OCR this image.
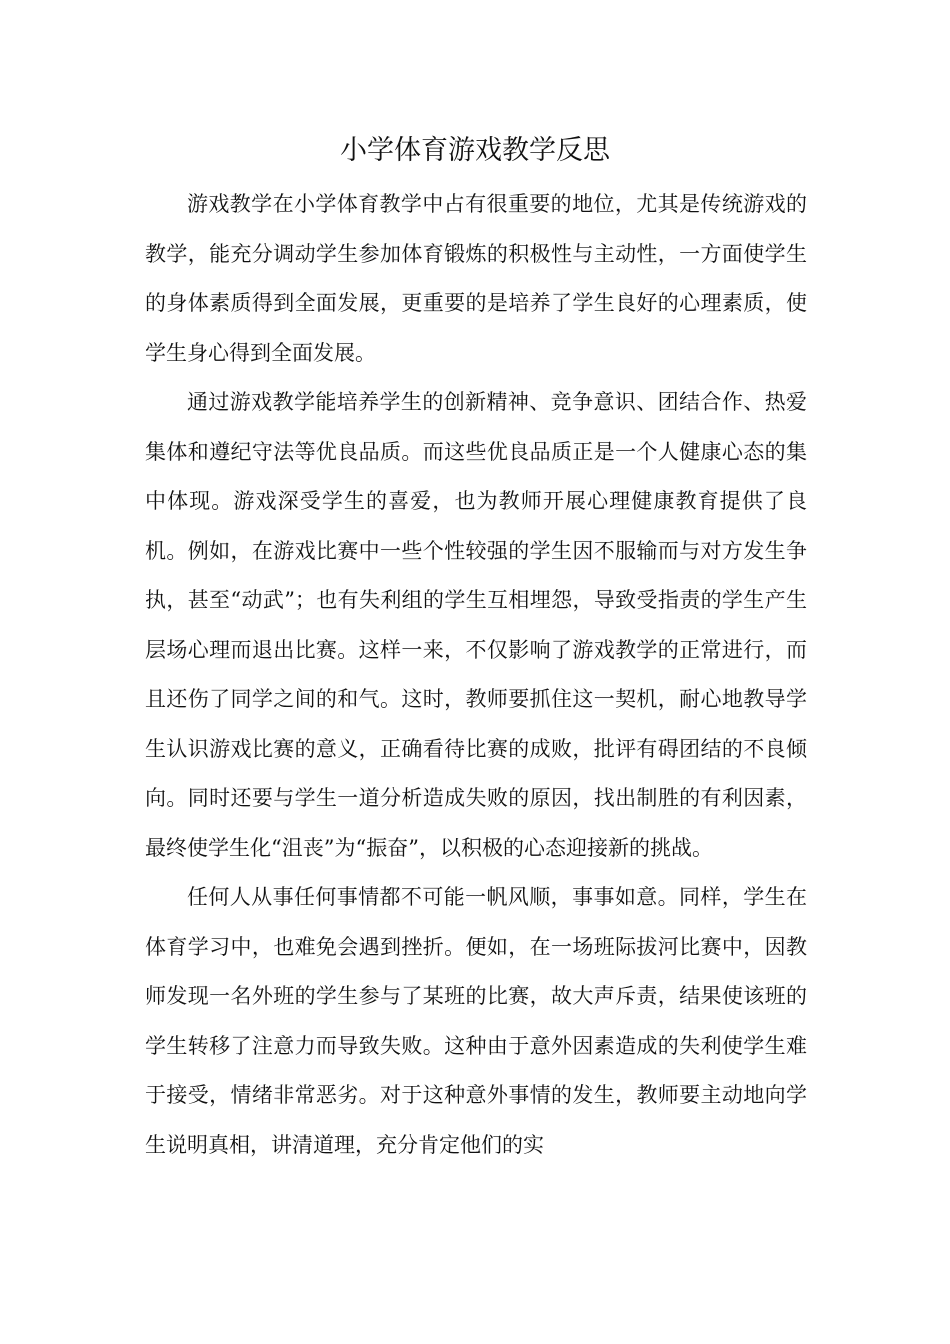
小学体育游戏教学反思

游戏教学在小学体育教学中占有很重要的地位，尤其是传统游戏的教学，能充分调动学生参加体育锻炼的积极性与主动性，一方面使学生的身体素质得到全面发展，更重要的是培养了学生良好的心理素质，使学生身心得到全面发展。

通过游戏教学能培养学生的创新精神、竞争意识、团结合作、热爱集体和遵纪守法等优良品质。而这些优良品质正是一个人健康心态的集中体现。游戏深受学生的喜爱，也为教师开展心理健康教育提供了良机。例如，在游戏比赛中一些个性较强的学生因不服输而与对方发生争执，甚至“动武”；也有失利组的学生互相埋怨，导致受指责的学生产生层场心理而退出比赛。这样一来，不仅影响了游戏教学的正常进行，而且还伤了同学之间的和气。这时，教师要抓住这一契机，耐心地教导学生认识游戏比赛的意义，正确看待比赛的成败，批评有碍团结的不良倾向。同时还要与学生一道分析造成失败的原因，找出制胜的有利因素，最终使学生化“沮丧”为“振奋”，以积极的心态迎接新的挑战。

任何人从事任何事情都不可能一帆风顺，事事如意。同样，学生在体育学习中，也难免会遇到挫折。便如，在一场班际拔河比赛中，因教师发现一名外班的学生参与了某班的比赛，故大声斥责，结果使该班的学生转移了注意力而导致失败。这种由于意外因素造成的失利使学生难于接受，情绪非常恶劣。对于这种意外事情的发生，教师要主动地向学生说明真相，讲清道理，充分肯定他们的实
